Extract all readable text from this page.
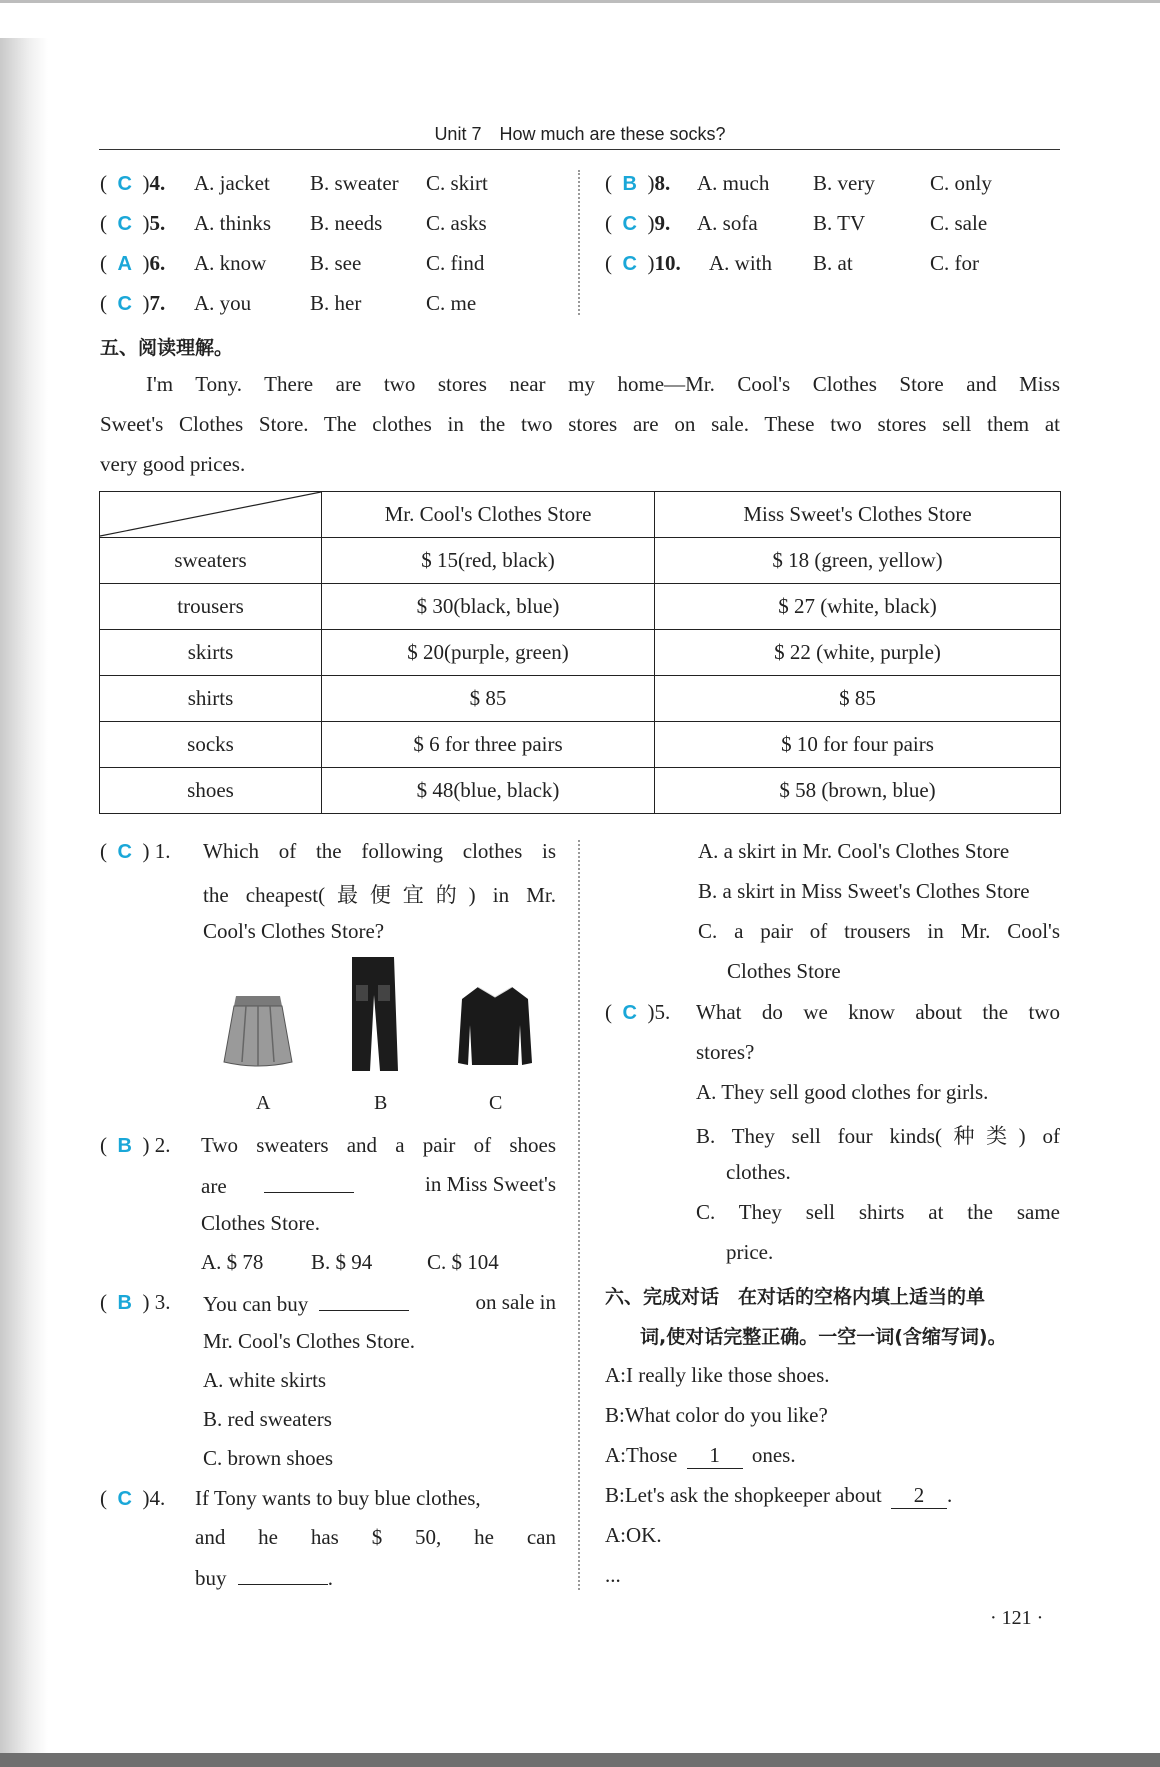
Unit 7　How much are these socks?
(  C  )4. A. jacket B. sweater C. skirt
(  C  )5. A. thinks B. needs C. asks
(  A  )6. A. know B. see	C. find
(  C  )7. A. you	B. her	C. me
(  B  )8. A. much B. very	C. only
(  C  )9. A. sofa	B. TV	C. sale
(  C  )10. A. with B. at	C. for
五、阅读理解。
I'm Tony. There are two stores near my home—Mr. Cool's Clothes Store and Miss
Sweet's Clothes Store. The clothes in the two stores are on sale. These two stores sell them at
very good prices.
	Mr. Cool's Clothes Store	Miss Sweet's Clothes Store
sweaters	$ 15(red, black)	$ 18 (green, yellow)
trousers	$ 30(black, blue)	$ 27 (white, black)
skirts	$ 20(purple, green)	$ 22 (white, purple)
shirts	$ 85	$ 85
socks	$ 6 for three pairs	$ 10 for four pairs
shoes	$ 48(blue, black)	$ 58 (brown, blue)
(  C  ) 1. Which of the following clothes is
the cheapest(最便宜的) in Mr.
Cool's Clothes Store?
A	B	C
(  B  ) 2. Two sweaters and a pair of shoes
are	in Miss Sweet's
Clothes Store.
A. $ 78 B. $ 94	C. $ 104
(  B  ) 3. You can buy	on sale in
Mr. Cool's Clothes Store.
A. white skirts
B. red sweaters
C. brown shoes
(  C  )4. If Tony wants to buy blue clothes,
and he has $ 50, he can
buy	.
A. a skirt in Mr. Cool's Clothes Store
B. a skirt in Miss Sweet's Clothes Store
C. a pair of trousers in Mr. Cool's
Clothes Store
(  C  )5. What do we know about the two
stores?
A. They sell good clothes for girls.
B. They sell four kinds(种类) of
clothes.
C. They sell shirts at the same
price.
六、完成对话　在对话的空格内填上适当的单
词,使对话完整正确。一空一词(含缩写词)。
A:I really like those shoes.
B:What color do you like?
A:Those 1 ones.
B:Let's ask the shopkeeper about 2 .
A:OK.
...
· 121 ·
